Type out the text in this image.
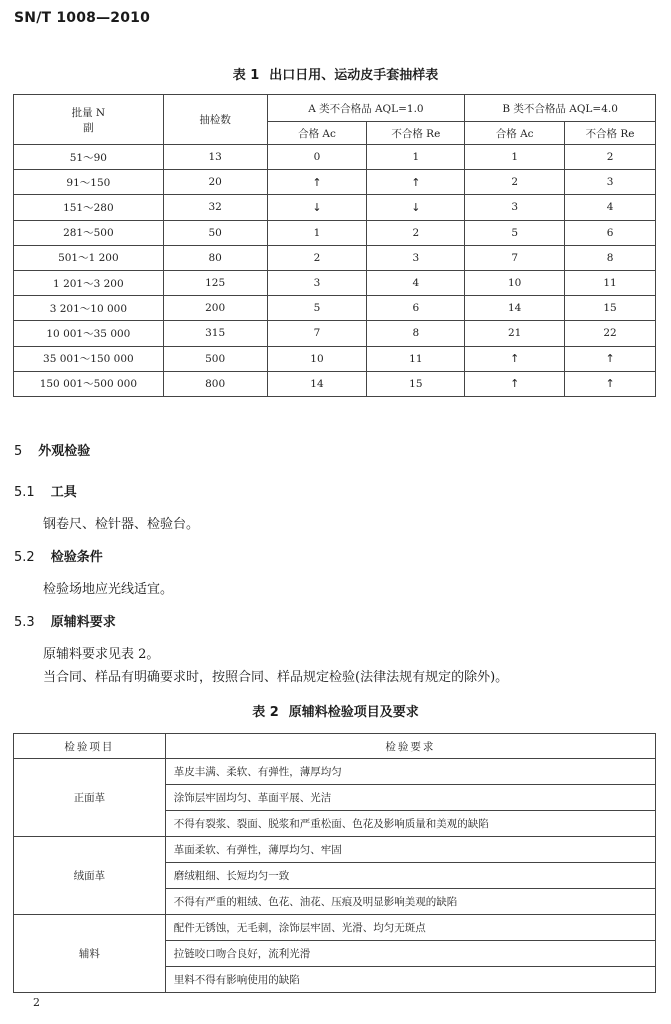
SN/T 1008—2010
表 1 出口日用、运动皮手套抽样表
批量 N
副	抽检数	A 类不合格品 AQL=1.0		B 类不合格品 AQL=4.0	
		合格 Ac	不合格 Re	合格 Ac	不合格 Re
51～90	13	0	1	1	2
91～150	20	↑	↑	2	3
151～280	32	↓	↓	3	4
281～500	50	1	2	5	6
501～1 200	80	2	3	7	8
1 201～3 200	125	3	4	10	11
3 201～10 000	200	5	6	14	15
10 001～35 000	315	7	8	21	22
35 001～150 000	500	10	11	↑	↑
150 001～500 000	800	14	15	↑	↑
5 外观检验
5.1 工具
钢卷尺、检针器、检验台。
5.2 检验条件
检验场地应光线适宜。
5.3 原辅料要求
原辅料要求见表 2。
当合同、样品有明确要求时，按照合同、样品规定检验(法律法规有规定的除外)。
表 2 原辅料检验项目及要求
检验项目	检验要求
正面革	革皮丰满、柔软、有弹性，薄厚均匀
	涂饰层牢固均匀、革面平展、光洁
	不得有裂浆、裂面、脱浆和严重松面、色花及影响质量和美观的缺陷
绒面革	革面柔软、有弹性，薄厚均匀、牢固
	磨绒粗细、长短均匀一致
	不得有严重的粗绒、色花、油花、压痕及明显影响美观的缺陷
辅料	配件无锈蚀，无毛刺，涂饰层牢固、光滑、均匀无斑点
	拉链咬口吻合良好，流利光滑
	里料不得有影响使用的缺陷
2
